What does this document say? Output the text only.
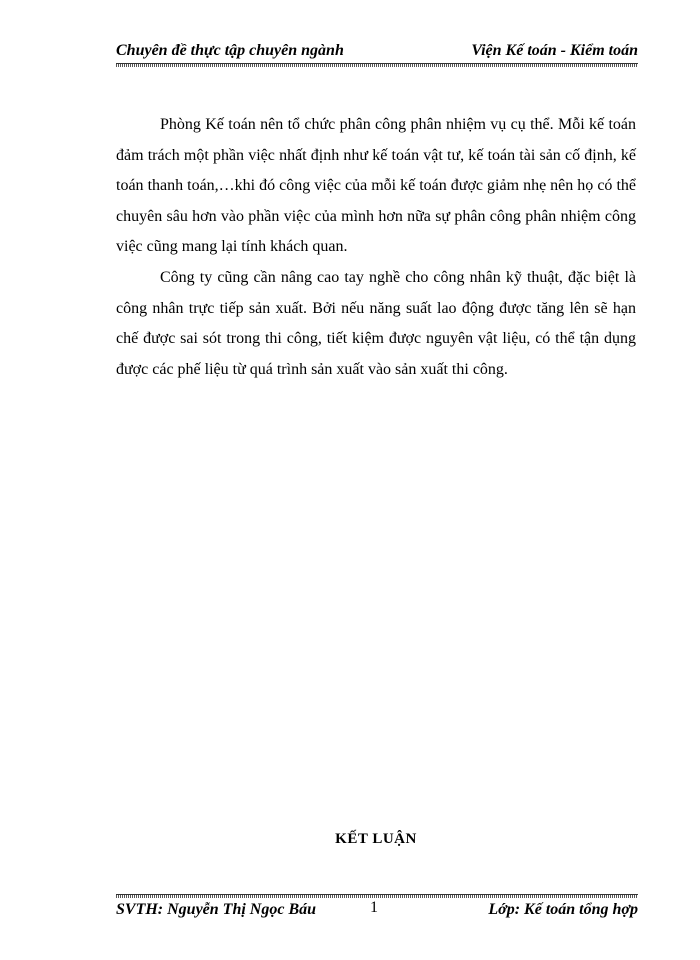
Chuyên đề thực tập chuyên ngành	Viện Kế toán - Kiểm toán

Phòng Kế toán nên tổ chức phân công phân nhiệm vụ cụ thể. Mỗi kế toán đảm trách một phần việc nhất định như kế toán vật tư, kế toán tài sản cố định, kế toán thanh toán,…khi đó công việc của mỗi kế toán được giảm nhẹ nên họ có thể chuyên sâu hơn vào phần việc của mình hơn nữa sự phân công phân nhiệm công việc cũng mang lại tính khách quan.

Công ty cũng cần nâng cao tay nghề cho công nhân kỹ thuật, đặc biệt là công nhân trực tiếp sản xuất. Bởi nếu năng suất lao động được tăng lên sẽ hạn chế được sai sót trong thi công, tiết kiệm được nguyên vật liệu, có thể tận dụng được các phế liệu từ quá trình sản xuất vào sản xuất thi công.

KẾT LUẬN
SVTH: Nguyễn Thị Ngọc Báu	1	Lớp: Kế toán tổng hợp
